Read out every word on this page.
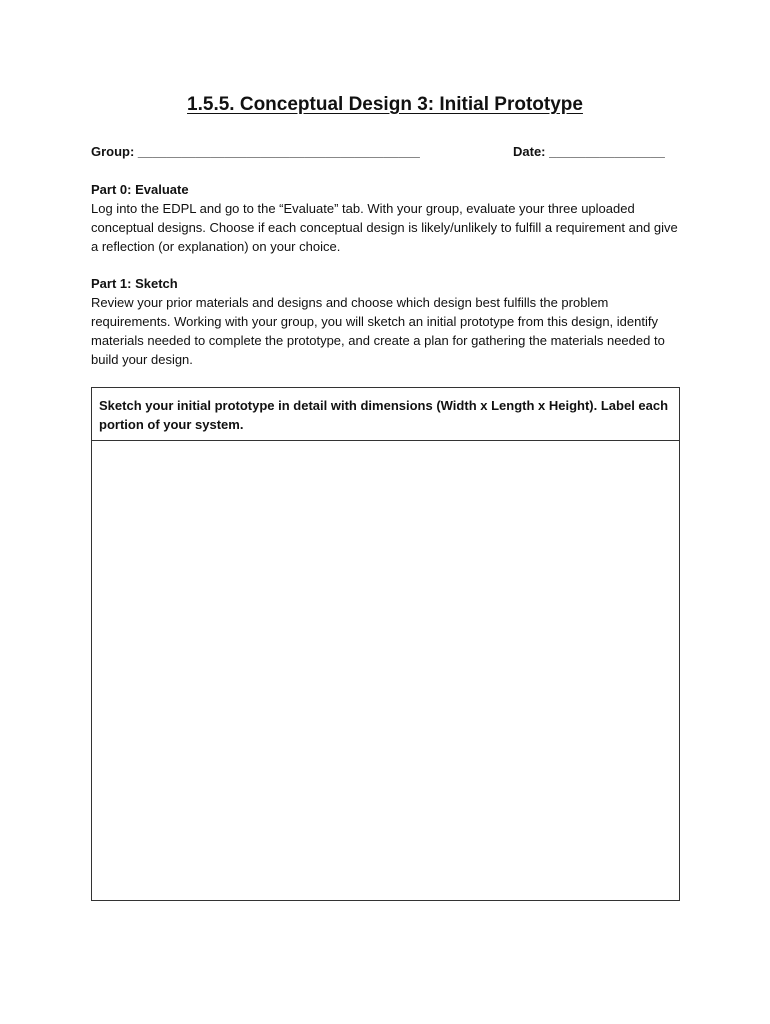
1.5.5. Conceptual Design 3: Initial Prototype
Group: _______________________________________	Date: ________________
Part 0: Evaluate
Log into the EDPL and go to the “Evaluate” tab. With your group, evaluate your three uploaded conceptual designs. Choose if each conceptual design is likely/unlikely to fulfill a requirement and give a reflection (or explanation) on your choice.
Part 1: Sketch
Review your prior materials and designs and choose which design best fulfills the problem requirements. Working with your group, you will sketch an initial prototype from this design, identify materials needed to complete the prototype, and create a plan for gathering the materials needed to build your design.
Sketch your initial prototype in detail with dimensions (Width x Length x Height). Label each portion of your system.
